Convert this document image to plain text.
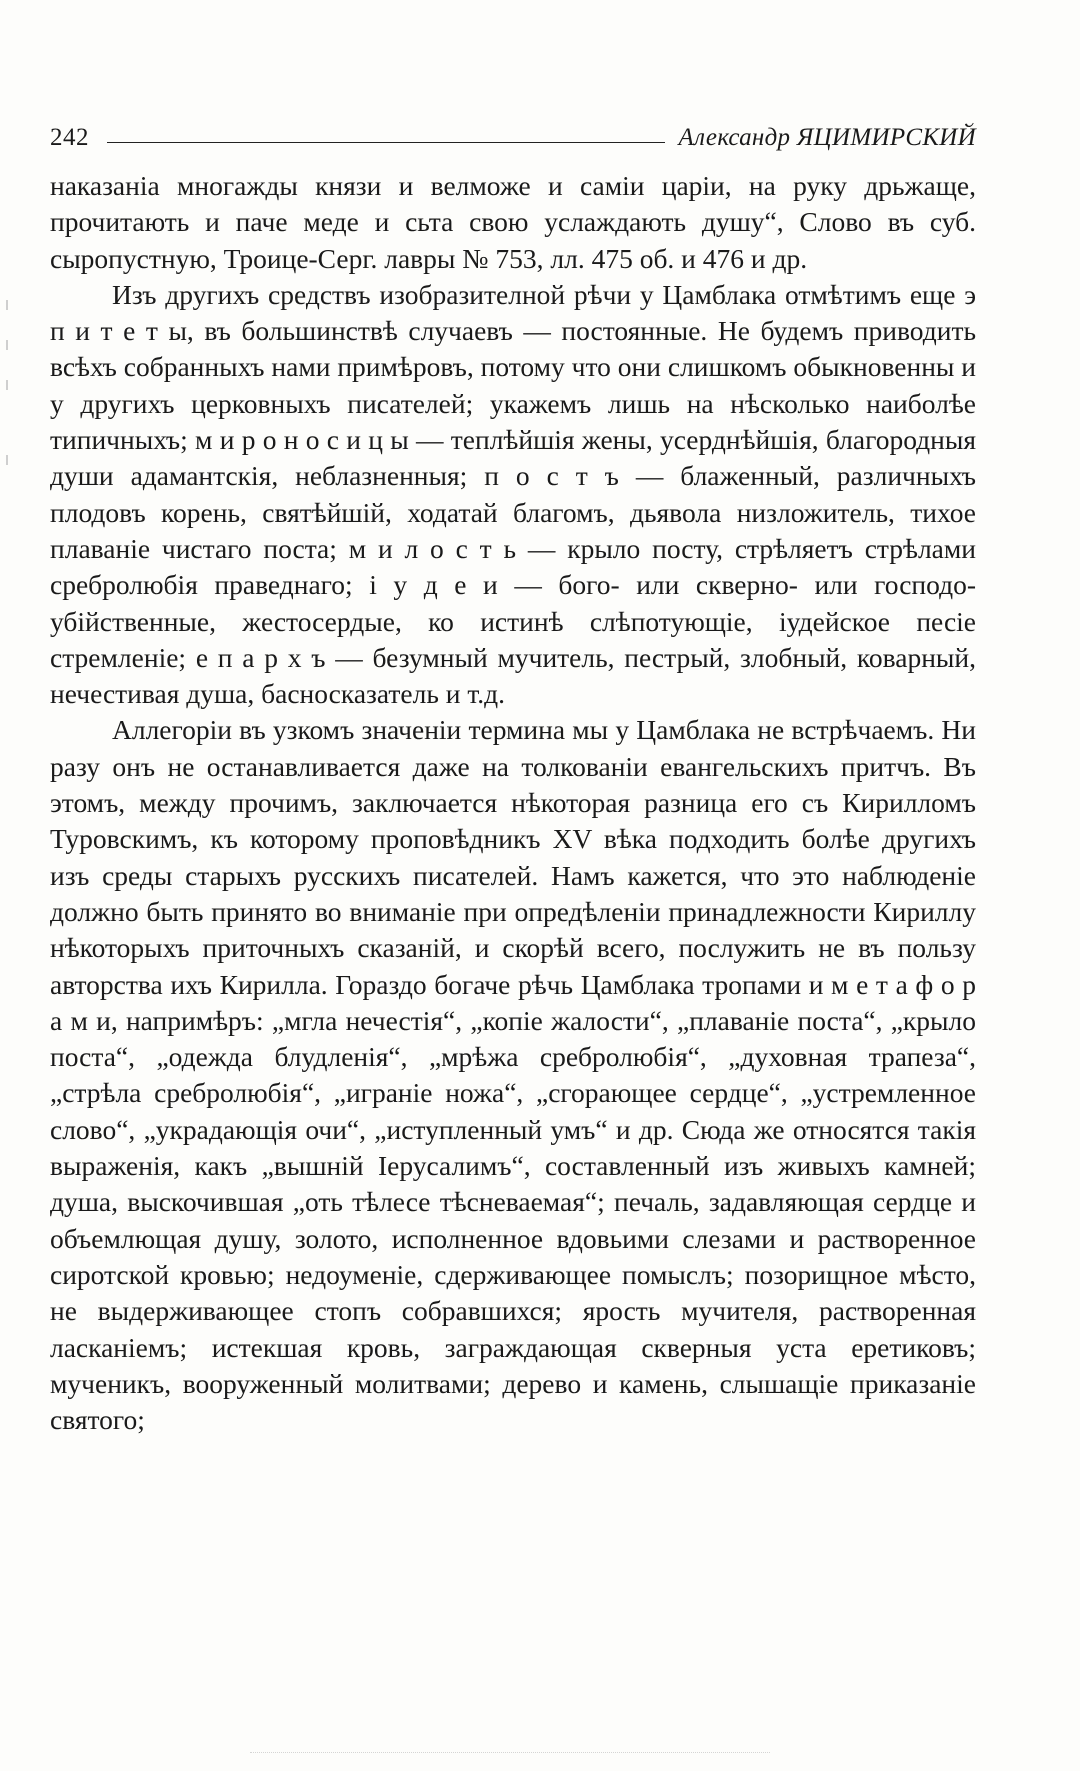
242	Александр ЯЦИМИРСКИЙ

наказаніа многажды князи и велможе и саміи царіи, на руку дрьжаще, прочитають и паче меде и сьта свою услаждають душу“, Слово въ суб. сыропустную, Троице-Серг. лавры № 753, лл. 475 об. и 476 и др.

Изъ другихъ средствъ изобразителной рѣчи у Цамблака отмѣтимъ еще э п и т е т ы, въ большинствѣ случаевъ — постоянные. Не будемъ приводить всѣхъ собранныхъ нами примѣровъ, потому что они слишкомъ обыкновенны и у другихъ церковныхъ писателей; укажемъ лишь на нѣсколько наиболѣе типичныхъ; м и р о н о с и ц ы — теплѣйшія жены, усерднѣйшія, благородныя души адамантскія, неблазненныя; п о с т ъ — блаженный, различныхъ плодовъ корень, святѣйшій, ходатай благомъ, дьявола низложитель, тихое плаваніе чистаго поста; м и л о с т ь — крыло посту, стрѣляетъ стрѣлами сребролюбія праведнаго; і у д е и — бого- или скверно- или господо-убійственные, жестосердые, ко истинѣ слѣпотующіе, іудейское песіе стремленіе; е п а р х ъ — безумный мучитель, пестрый, злобный, коварный, нечестивая душа, басносказатель и т.д.

Аллегоріи въ узкомъ значеніи термина мы у Цамблака не встрѣчаемъ. Ни разу онъ не останавливается даже на толкованіи евангельскихъ притчъ. Въ этомъ, между прочимъ, заключается нѣкоторая разница его съ Кирилломъ Туровскимъ, къ которому проповѣдникъ XV вѣка подходить болѣе другихъ изъ среды старыхъ русскихъ писателей. Намъ кажется, что это наблюденіе должно быть принято во вниманіе при опредѣленіи принадлежности Кириллу нѣкоторыхъ приточныхъ сказаній, и скорѣй всего, послужить не въ пользу авторства ихъ Кирилла. Гораздо богаче рѣчь Цамблака тропами и м е т а ф о р а м и, напримѣръ: „мгла нечестія“, „копіе жалости“, „плаваніе поста“, „крыло поста“, „одежда блудленія“, „мрѣжа сребролюбія“, „духовная трапеза“, „стрѣла сребролюбія“, „играніе ножа“, „сгорающее сердце“, „устремленное слово“, „украдающія очи“, „иступленный умъ“ и др. Сюда же относятся такія выраженія, какъ „вышній Іерусалимъ“, составленный изъ живыхъ камней; душа, выскочившая „оть тѣлесе тѣсневаемая“; печаль, задавляющая сердце и объемлющая душу, золото, исполненное вдовьими слезами и растворенное сиротской кровью; недоуменіе, сдерживающее помыслъ; позорищное мѣсто, не выдерживающее стопъ собравшихся; ярость мучителя, растворенная ласканіемъ; истекшая кровь, заграждающая скверныя уста еретиковъ; мученикъ, вооруженный молитвами; дерево и камень, слышащіе приказаніе святого;
